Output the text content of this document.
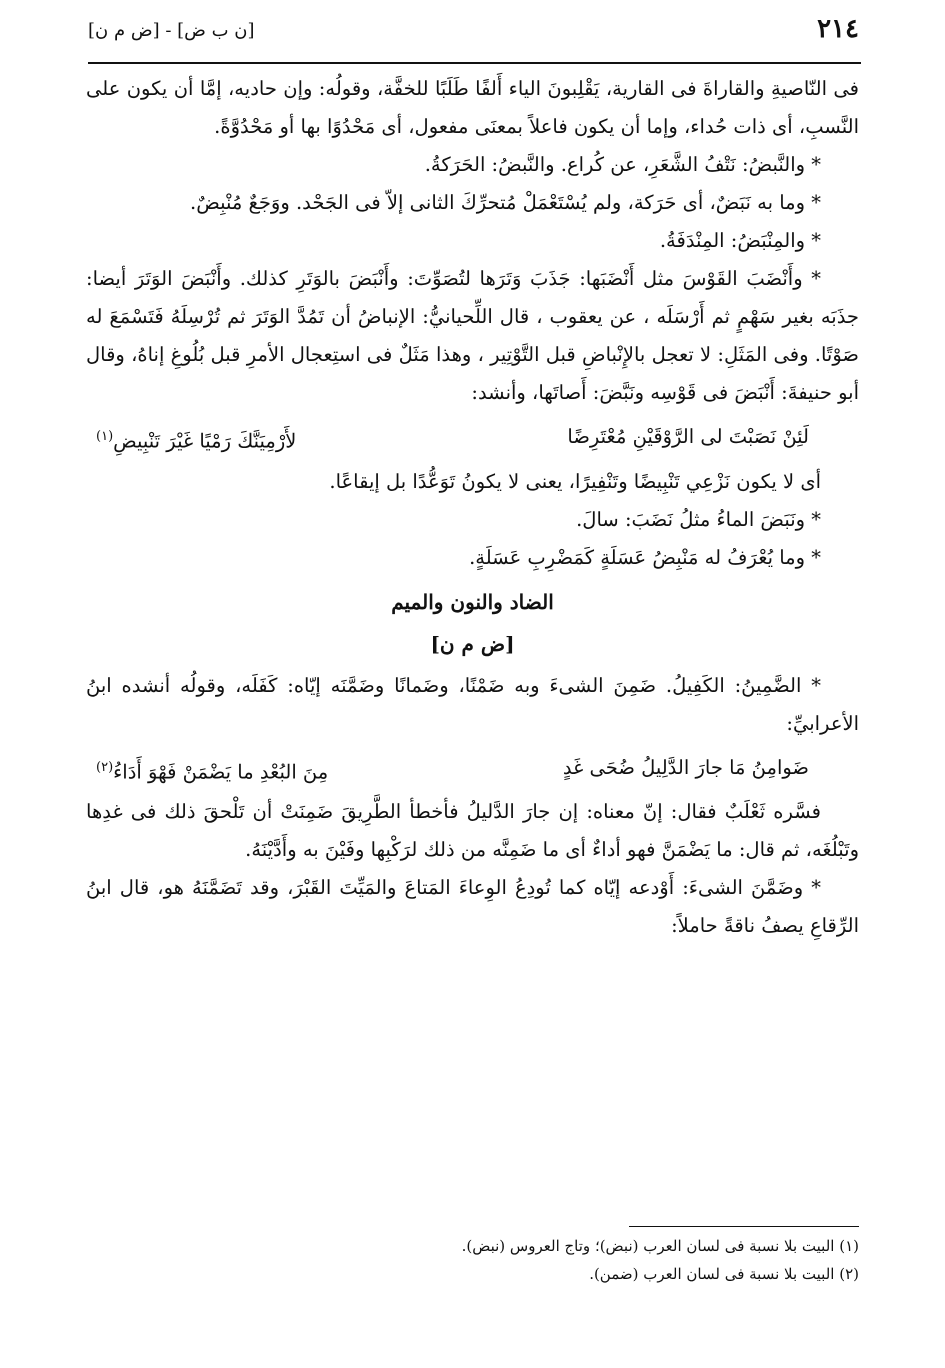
٢١٤
[ن ب ض] - [ض م ن]

فى النّاصيةِ والقاراةَ فى القارية، يَقْلِبونَ الياء أَلفًا طَلَبًا للخفَّة، وقولُه: وإن حاديه، إمَّا أن يكون على النَّسبِ، أى ذات حُداء، وإما أن يكون فاعلاً بمعنَى مفعول، أى مَحْدُوًا بها أو مَحْدُوَّةً.

* والنَّبضُ: نَتْفُ الشَّعَرِ، عن كُراع. والنَّبضُ: الحَرَكةُ.

* وما به نَبَضٌ، أى حَرَكة، ولم يُسْتَعْمَلْ مُتحرِّكَ الثانى إلاّ فى الجَحْد. ووَجَعٌ مُنْبِضٌ.

* والمِنْبَضُ: المِنْدَفَةُ.

* وأَنْضَبَ القَوْسَ مثل أَنْضَبَها: جَذَبَ وَتَرَها لتُصَوِّتَ: وأَنْبَضَ بالوَتَرِ كذلك. وأَنْبَضَ الوَتَرَ أيضا: جذَبَه بغير سَهْمٍ ثم أَرْسَلَه ، عن يعقوب ، قال اللِّحيانيُّ: الإنباضُ أن تَمُدَّ الوَتَرَ ثم تُرْسِلَهُ فَتَسْمَعَ له صَوْتًا. وفى المَثَلِ: لا تعجل بالإِنْباضِ قبل التَّوْتِير ، وهذا مَثَلٌ فى استِعجال الأمرِ قبل بُلُوغِ إناهُ، وقال أبو حنيفةَ: أَنْبَضَ فى قَوْسِه ونَبَّضَ: أَصاتَها، وأنشد:

لَئِنْ نَصَبْتَ لى الرَّوْقَيْنِ مُعْتَرِضًا
لأَرْمِيَنَّكَ رَمْيًا غَيْرَ تَنْبِيضِ$^{(١)}$

أى لا يكون نَزْعِي تَنْبِيضًا وتَنْفِيرًا، يعنى لا يكونُ تَوَعُّدًا بل إيقاعًا.

* ونَبَضَ الماءُ مثلُ نَضَبَ: سالَ.

* وما يُعْرَفُ له مَنْبِضُ عَسَلَةٍ كَمَضْرِبِ عَسَلَةٍ.

الضاد والنون والميم
[ض م ن]

* الضَّمِينُ: الكَفِيلُ. ضَمِنَ الشىءَ وبه ضَمْنًا، وضَمانًا وضَمَّنَه إيّاه: كَفَلَه، وقولُه أنشده ابنُ الأعرابيِّ:

ضَوامِنُ مَا جارَ الدَّلِيلُ ضُحَى غَدٍ
مِنَ البُعْدِ ما يَضْمَنْ فَهْوَ أَدَاءُ$^{(٢)}$

فسَّره ثَعْلَبٌ فقال: إنّ معناه: إن جارَ الدَّليلُ فأخطأ الطَّرِيقَ ضَمِنَتْ أن تَلْحقَ ذلك فى غدِها وتَبْلُغَه، ثم قال: ما يَضْمَنَّ فهو أداءٌ أى ما ضَمِنَّه من ذلك لرَكْبِها وفَيْنَ به وأَدَّيْنَهُ.

* وضَمَّنَ الشىءَ: أَوْدعه إيّاه كما تُودِعُ الوِعاءَ المَتاعَ والمَيِّتَ القَبْرَ، وقد تَضَمَّنَهُ هو، قال ابنُ الرِّقاعِ يصفُ ناقةً حاملاً:

(١) البيت بلا نسبة فى لسان العرب (نبض)؛ وتاج العروس (نبض).
(٢) البيت بلا نسبة فى لسان العرب (ضمن).
